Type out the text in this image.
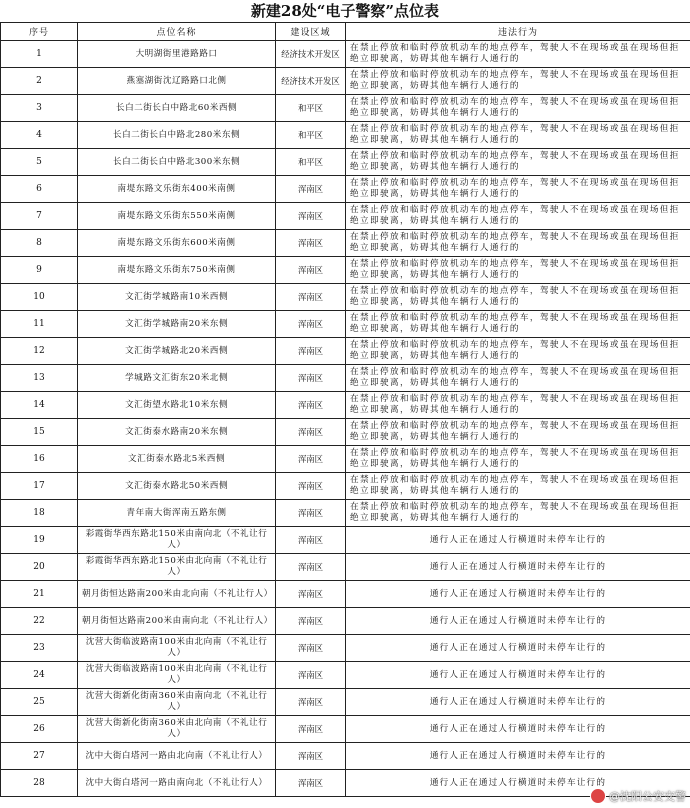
新建28处“电子警察”点位表
序号	点位名称	建设区域	违法行为
1	大明湖街里港路路口	经济技术开发区	在禁止停放和临时停放机动车的地点停车，驾驶人不在现场或虽在现场但拒绝立即驶离，妨碍其他车辆行人通行的
2	燕塞湖街沈辽路路口北侧	经济技术开发区	在禁止停放和临时停放机动车的地点停车，驾驶人不在现场或虽在现场但拒绝立即驶离，妨碍其他车辆行人通行的
3	长白二街长白中路北60米西侧	和平区	在禁止停放和临时停放机动车的地点停车，驾驶人不在现场或虽在现场但拒绝立即驶离，妨碍其他车辆行人通行的
4	长白二街长白中路北280米东侧	和平区	在禁止停放和临时停放机动车的地点停车，驾驶人不在现场或虽在现场但拒绝立即驶离，妨碍其他车辆行人通行的
5	长白二街长白中路北300米东侧	和平区	在禁止停放和临时停放机动车的地点停车，驾驶人不在现场或虽在现场但拒绝立即驶离，妨碍其他车辆行人通行的
6	南堤东路文乐街东400米南侧	浑南区	在禁止停放和临时停放机动车的地点停车，驾驶人不在现场或虽在现场但拒绝立即驶离，妨碍其他车辆行人通行的
7	南堤东路文乐街东550米南侧	浑南区	在禁止停放和临时停放机动车的地点停车，驾驶人不在现场或虽在现场但拒绝立即驶离，妨碍其他车辆行人通行的
8	南堤东路文乐街东600米南侧	浑南区	在禁止停放和临时停放机动车的地点停车，驾驶人不在现场或虽在现场但拒绝立即驶离，妨碍其他车辆行人通行的
9	南堤东路文乐街东750米南侧	浑南区	在禁止停放和临时停放机动车的地点停车，驾驶人不在现场或虽在现场但拒绝立即驶离，妨碍其他车辆行人通行的
10	文汇街学城路南10米西侧	浑南区	在禁止停放和临时停放机动车的地点停车，驾驶人不在现场或虽在现场但拒绝立即驶离，妨碍其他车辆行人通行的
11	文汇街学城路南20米东侧	浑南区	在禁止停放和临时停放机动车的地点停车，驾驶人不在现场或虽在现场但拒绝立即驶离，妨碍其他车辆行人通行的
12	文汇街学城路北20米西侧	浑南区	在禁止停放和临时停放机动车的地点停车，驾驶人不在现场或虽在现场但拒绝立即驶离，妨碍其他车辆行人通行的
13	学城路文汇街东20米北侧	浑南区	在禁止停放和临时停放机动车的地点停车，驾驶人不在现场或虽在现场但拒绝立即驶离，妨碍其他车辆行人通行的
14	文汇街望水路北10米东侧	浑南区	在禁止停放和临时停放机动车的地点停车，驾驶人不在现场或虽在现场但拒绝立即驶离，妨碍其他车辆行人通行的
15	文汇街泰水路南20米东侧	浑南区	在禁止停放和临时停放机动车的地点停车，驾驶人不在现场或虽在现场但拒绝立即驶离，妨碍其他车辆行人通行的
16	文汇街泰水路北5米西侧	浑南区	在禁止停放和临时停放机动车的地点停车，驾驶人不在现场或虽在现场但拒绝立即驶离，妨碍其他车辆行人通行的
17	文汇街泰水路北50米西侧	浑南区	在禁止停放和临时停放机动车的地点停车，驾驶人不在现场或虽在现场但拒绝立即驶离，妨碍其他车辆行人通行的
18	青年南大街浑南五路东侧	浑南区	在禁止停放和临时停放机动车的地点停车，驾驶人不在现场或虽在现场但拒绝立即驶离，妨碍其他车辆行人通行的
19	彩霞街华西东路北150米由南向北（不礼让行人）	浑南区	通行人正在通过人行横道时未停车让行的
20	彩霞街华西东路北150米由北向南（不礼让行人）	浑南区	通行人正在通过人行横道时未停车让行的
21	朝月街恒达路南200米由北向南（不礼让行人）	浑南区	通行人正在通过人行横道时未停车让行的
22	朝月街恒达路南200米由南向北（不礼让行人）	浑南区	通行人正在通过人行横道时未停车让行的
23	沈营大街临波路南100米由北向南（不礼让行人）	浑南区	通行人正在通过人行横道时未停车让行的
24	沈营大街临波路南100米由北向南（不礼让行人）	浑南区	通行人正在通过人行横道时未停车让行的
25	沈营大街新化街南360米由南向北（不礼让行人）	浑南区	通行人正在通过人行横道时未停车让行的
26	沈营大街新化街南360米由北向南（不礼让行人）	浑南区	通行人正在通过人行横道时未停车让行的
27	沈中大街白塔河一路由北向南（不礼让行人）	浑南区	通行人正在通过人行横道时未停车让行的
28	沈中大街白塔河一路由南向北（不礼让行人）	浑南区	通行人正在通过人行横道时未停车让行的
@沈阳公安交警
